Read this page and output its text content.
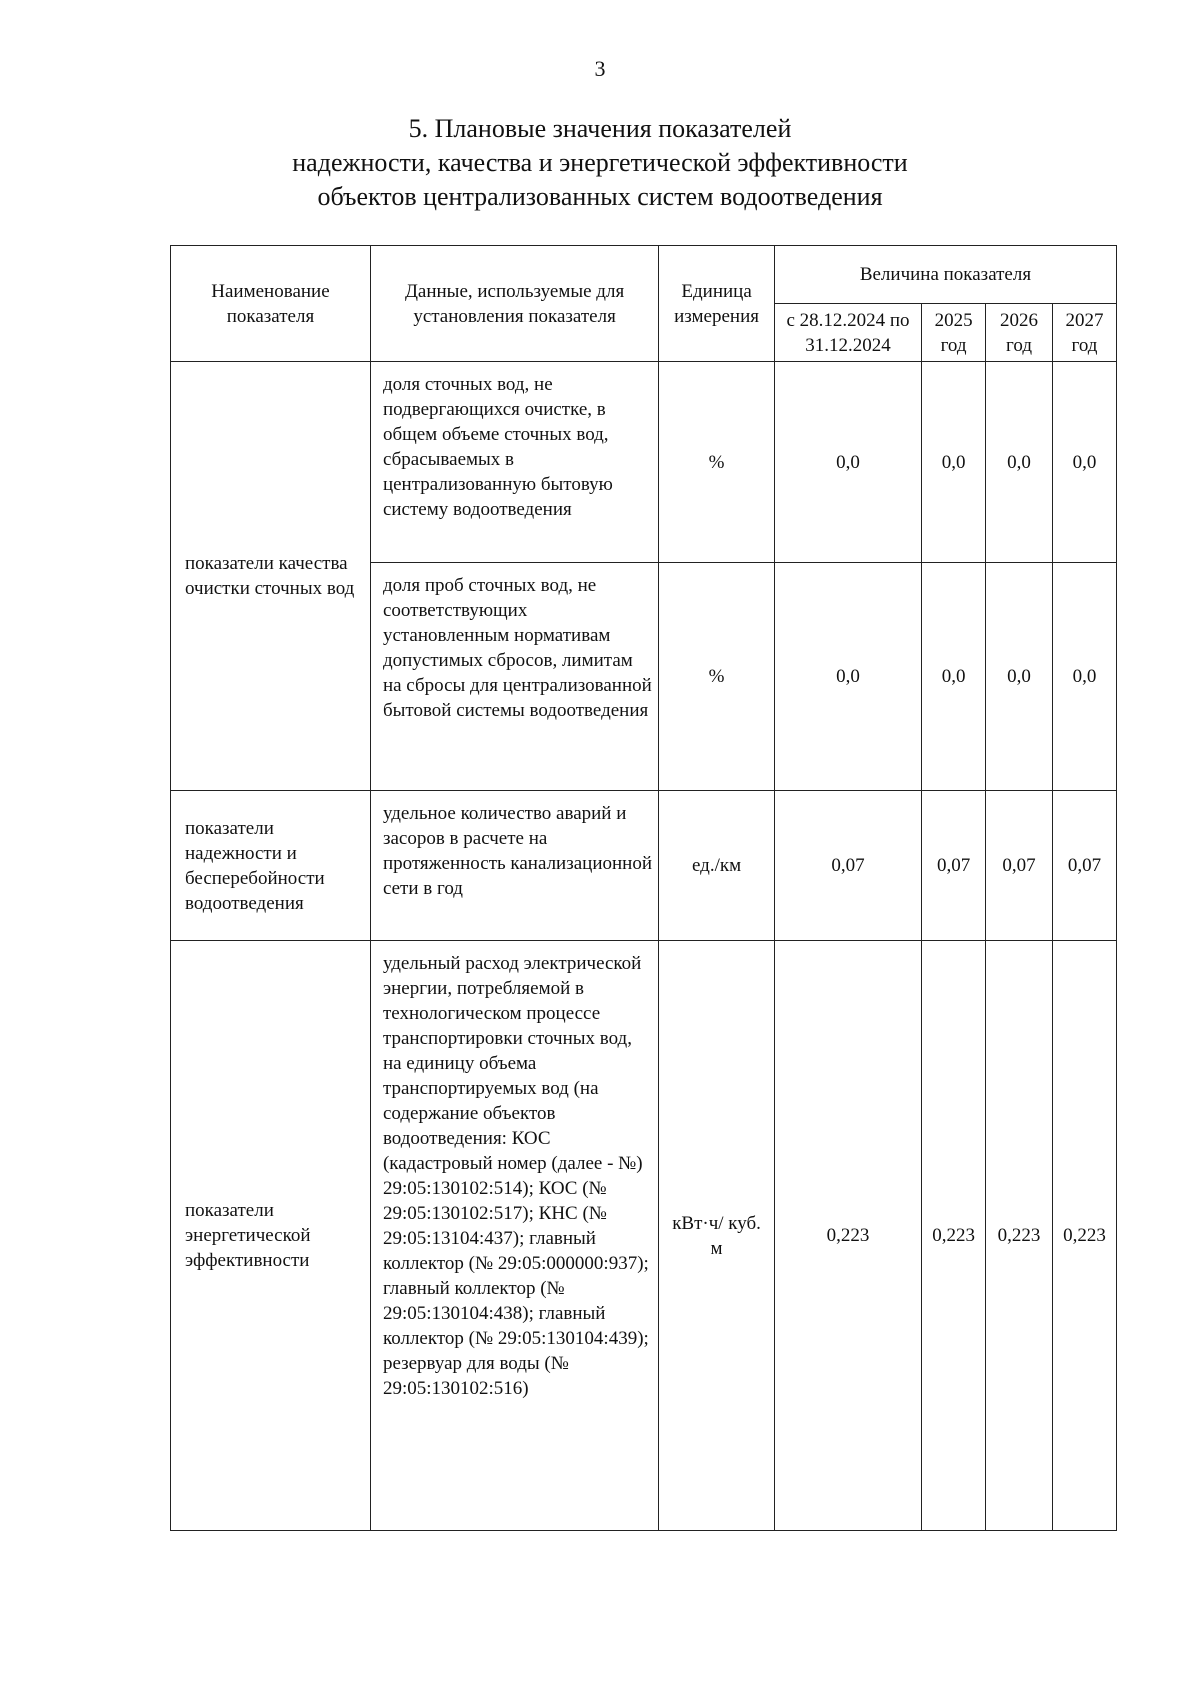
3
5. Плановые значения показателей
надежности, качества и энергетической эффективности
объектов централизованных систем водоотведения
Наименование показателя	Данные, используемые для установления показателя	Единица измерения	Величина показателя			
			с 28.12.2024 по 31.12.2024	2025 год	2026 год	2027 год
показатели качества очистки сточных вод	доля сточных вод, не подвергающихся очистке, в общем объеме сточных вод, сбрасываемых в централизованную бытовую систему водоотведения	%	0,0	0,0	0,0	0,0
	доля проб сточных вод, не соответствующих установленным нормативам допустимых сбросов, лимитам на сбросы для централизованной бытовой системы водоотведения	%	0,0	0,0	0,0	0,0
показатели надежности и бесперебойности водоотведения	удельное количество аварий и засоров в расчете на протяженность канализационной сети в год	ед./км	0,07	0,07	0,07	0,07
показатели энергетической эффективности	удельный расход электрической энергии, потребляемой в технологическом процессе транспортировки сточных вод, на единицу объема транспортируемых вод (на содержание объектов водоотведения: КОС (кадастровый номер (далее - №) 29:05:130102:514); КОС (№ 29:05:130102:517); КНС (№ 29:05:13104:437); главный коллектор (№ 29:05:000000:937); главный коллектор (№ 29:05:130104:438); главный коллектор (№ 29:05:130104:439); резервуар для воды (№ 29:05:130102:516)	кВт·ч/ куб. м	0,223	0,223	0,223	0,223
